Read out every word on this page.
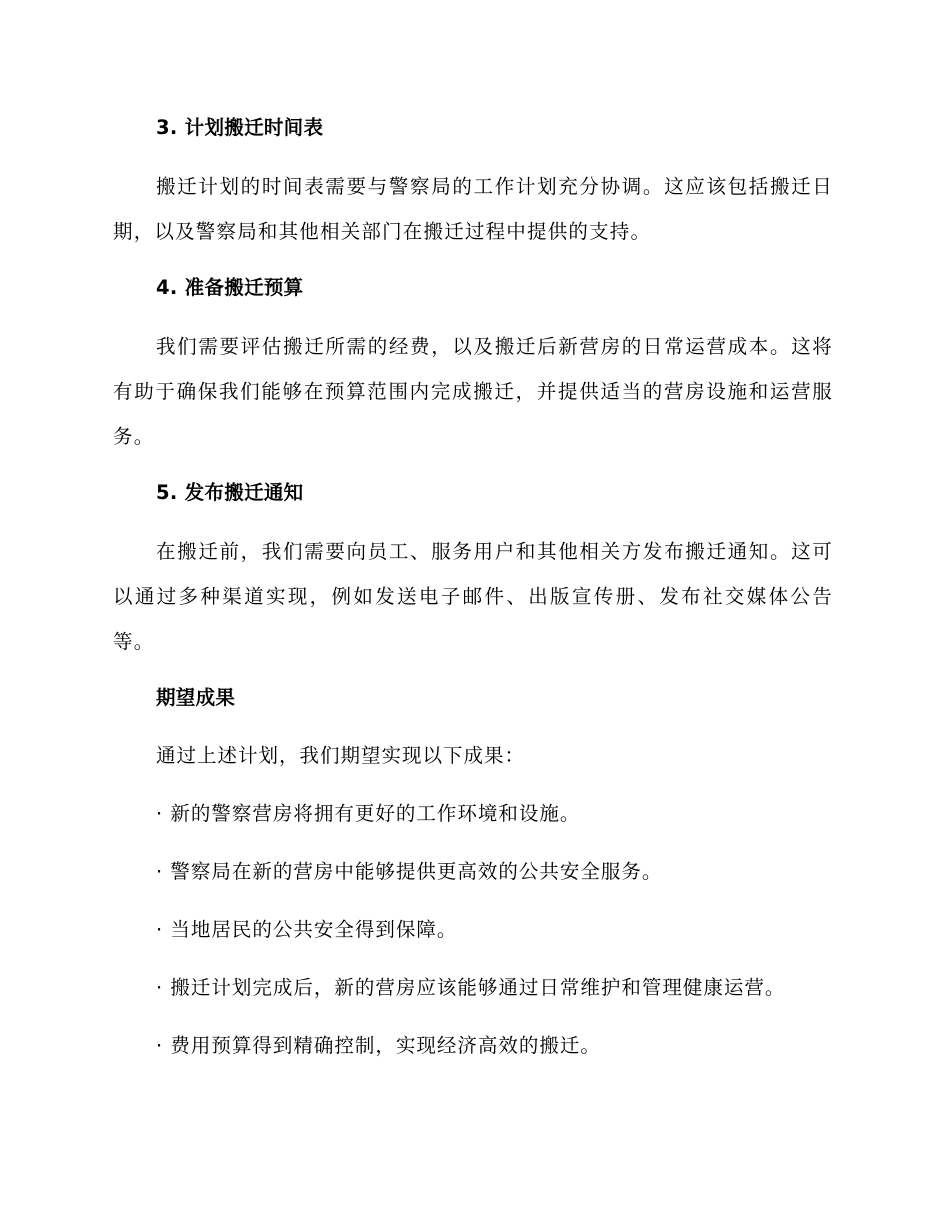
3. 计划搬迁时间表

搬迁计划的时间表需要与警察局的工作计划充分协调。这应该包括搬迁日期，以及警察局和其他相关部门在搬迁过程中提供的支持。

4. 准备搬迁预算

我们需要评估搬迁所需的经费，以及搬迁后新营房的日常运营成本。这将有助于确保我们能够在预算范围内完成搬迁，并提供适当的营房设施和运营服务。

5. 发布搬迁通知

在搬迁前，我们需要向员工、服务用户和其他相关方发布搬迁通知。这可以通过多种渠道实现，例如发送电子邮件、出版宣传册、发布社交媒体公告等。

期望成果

通过上述计划，我们期望实现以下成果：

· 新的警察营房将拥有更好的工作环境和设施。

· 警察局在新的营房中能够提供更高效的公共安全服务。

· 当地居民的公共安全得到保障。

· 搬迁计划完成后，新的营房应该能够通过日常维护和管理健康运营。

· 费用预算得到精确控制，实现经济高效的搬迁。
